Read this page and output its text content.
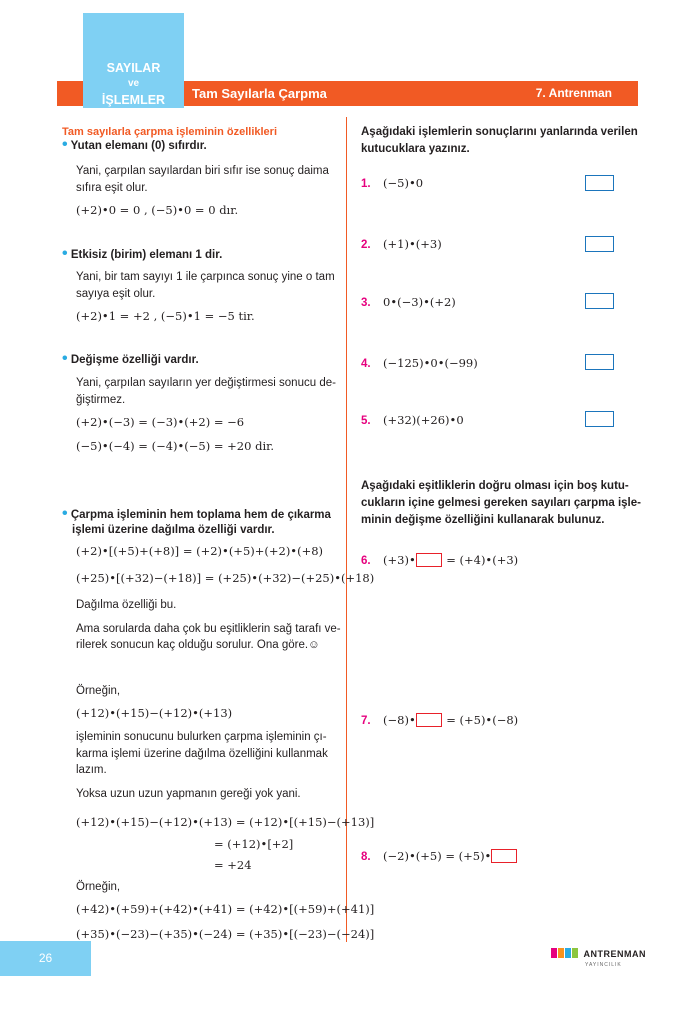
SAYILAR
ve
İŞLEMLER	Tam Sayılarla Çarpma	7. Antrenman
Tam sayılarla çarpma işleminin özellikleri
• Yutan elemanı (0) sıfırdır.
Yani, çarpılan sayılardan biri sıfır ise sonuç daima
sıfıra eşit olur.
(+2)•0 = 0 , (−5)•0 = 0 dır.
• Etkisiz (birim) elemanı 1 dir.
Yani, bir tam sayıyı 1 ile çarpınca sonuç yine o tam
sayıya eşit olur.
(+2)•1 = +2 , (−5)•1 = −5 tir.
• Değişme özelliği vardır.
Yani, çarpılan sayıların yer değiştirmesi sonucu de-
ğiştirmez.
(+2)•(−3) = (−3)•(+2) = −6
(−5)•(−4) = (−4)•(−5) = +20 dir.
• Çarpma işleminin hem toplama hem de çıkarma
işlemi üzerine dağılma özelliği vardır.
(+2)•[(+5)+(+8)] = (+2)•(+5)+(+2)•(+8)
(+25)•[(+32)−(+18)] = (+25)•(+32)−(+25)•(+18)
Dağılma özelliği bu.
Ama sorularda daha çok bu eşitliklerin sağ tarafı ve-
rilerek sonucun kaç olduğu sorulur. Ona göre.☺
Örneğin,
(+12)•(+15)−(+12)•(+13)
işleminin sonucunu bulurken çarpma işleminin çı-
karma işlemi üzerine dağılma özelliğini kullanmak
lazım.
Yoksa uzun uzun yapmanın gereği yok yani.
(+12)•(+15)−(+12)•(+13) = (+12)•[(+15)−(+13)]
= (+12)•[+2]
= +24
Örneğin,
(+42)•(+59)+(+42)•(+41) = (+42)•[(+59)+(+41)]
(+35)•(−23)−(+35)•(−24) = (+35)•[(−23)−(−24)]
Aşağıdaki işlemlerin sonuçlarını yanlarında verilen
kutucuklara yazınız.
1. (−5)•0
2. (+1)•(+3)
3. 0•(−3)•(+2)
4. (−125)•0•(−99)
5. (+32)(+26)•0
Aşağıdaki eşitliklerin doğru olması için boş kutu-
cukların içine gelmesi gereken sayıları çarpma işle-
minin değişme özelliğini kullanarak bulunuz.
6. (+3)•	= (+4)•(+3)
7. (−8)•	= (+5)•(−8)
8. (−2)•(+5) = (+5)•
26	ANTRENMAN
YAYINCILIK
